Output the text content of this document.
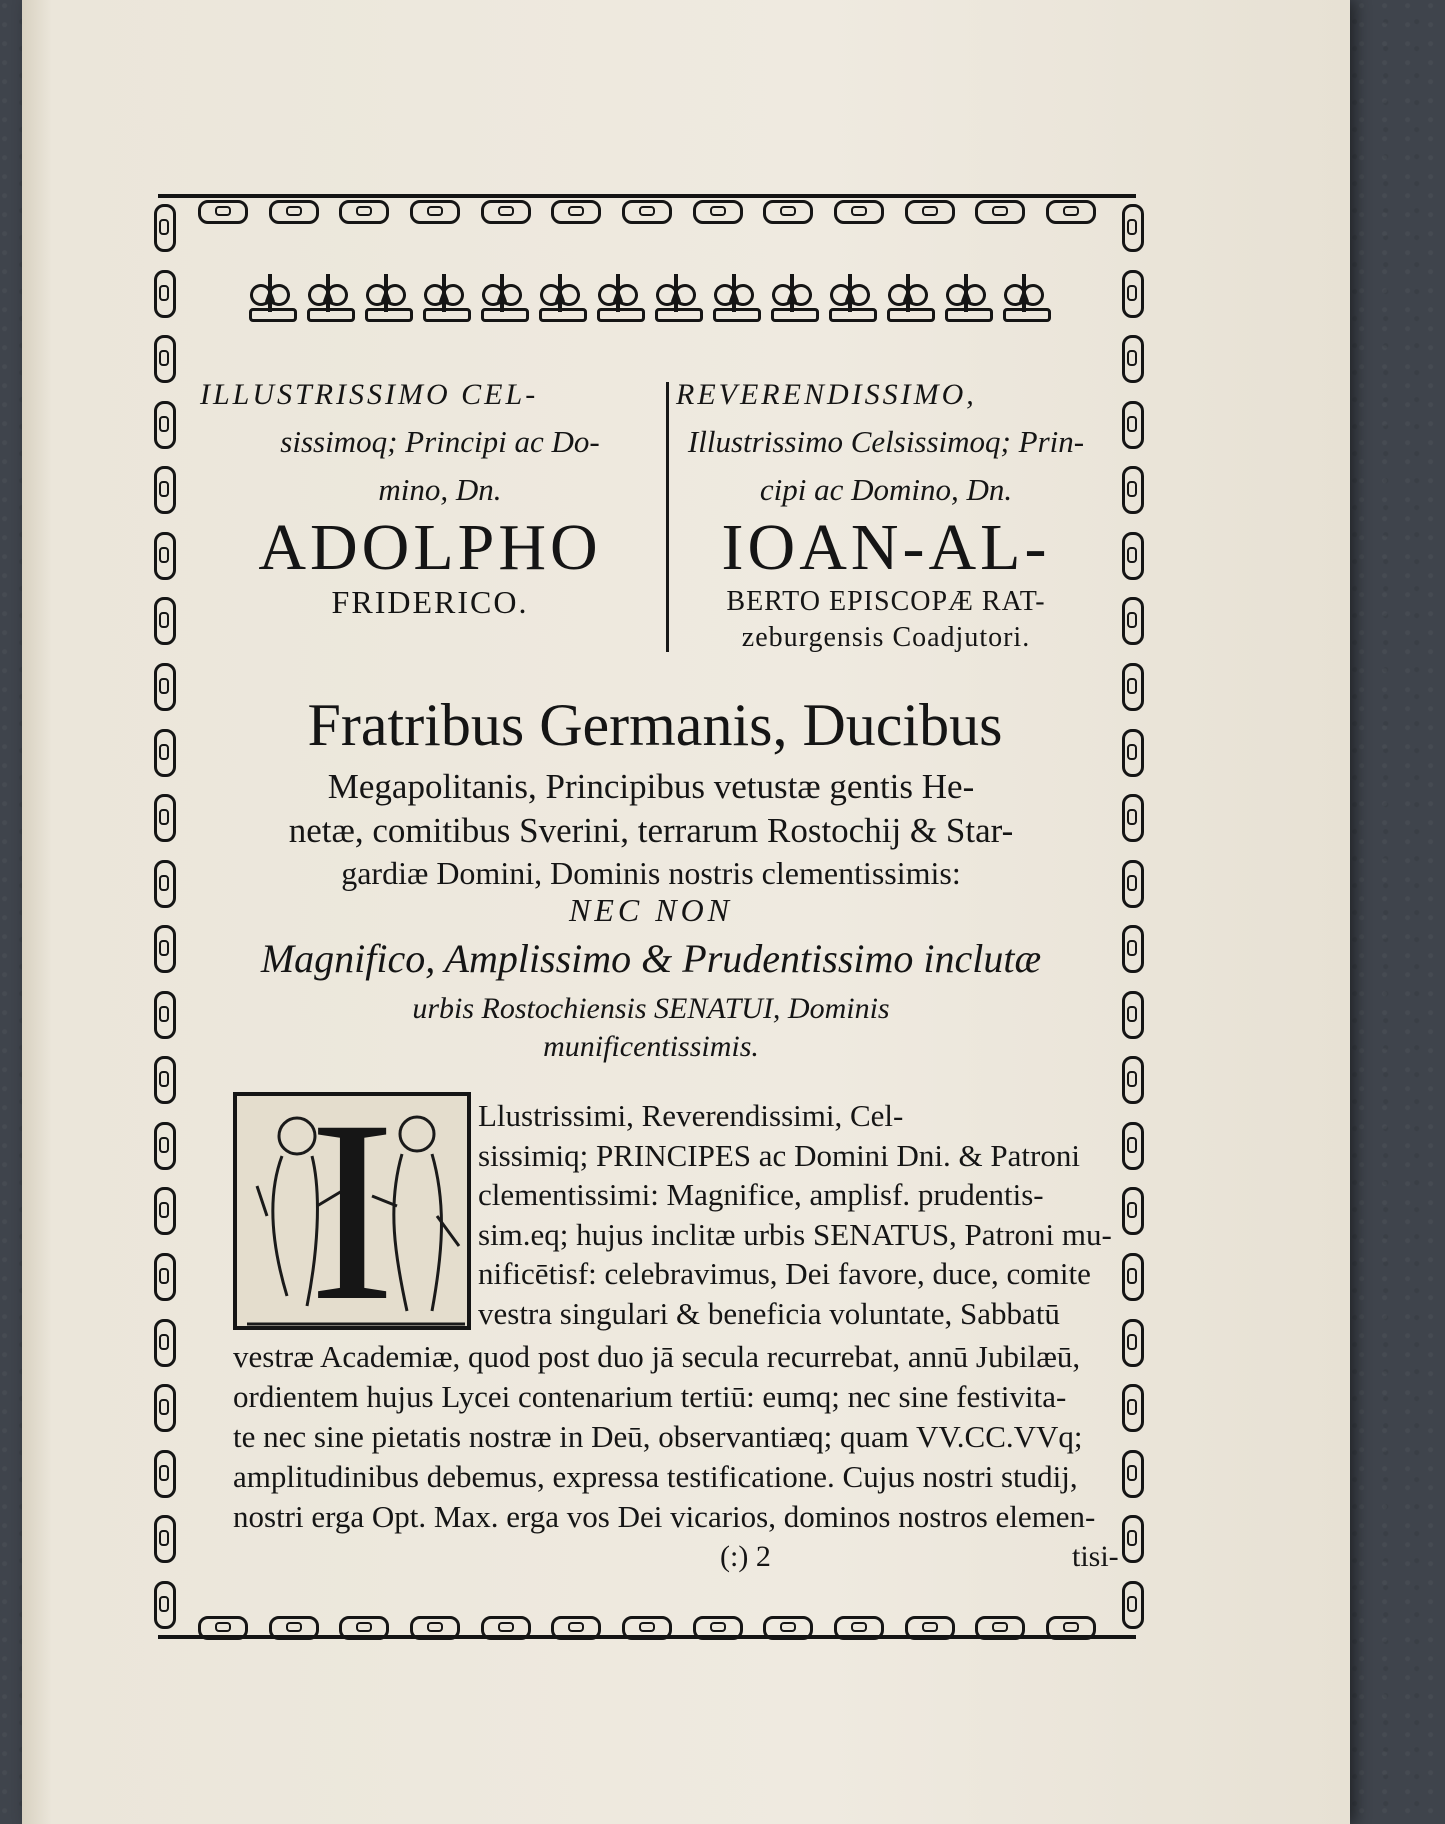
ILLUSTRISSIMO CEL-

sissimoq; Principi ac Do-
mino, Dn.

REVERENDISSIMO,

Illustrissimo Celsissimoq; Prin-
cipi ac Domino, Dn.
ADOLPHO
FRIDERICO.
IOAN-AL-
BERTO EPISCOPÆ RAT-
zeburgensis Coadjutori.
Fratribus Germanis, Ducibus
Megapolitanis, Principibus vetustæ gentis He-
netæ, comitibus Sverini, terrarum Rostochij & Star-
gardiæ Domini, Dominis nostris clementissimis:
NEC NON
Magnifico, Amplissimo & Prudentissimo inclutæ
urbis Rostochiensis SENATUI, Dominis
munificentissimis.
I	Llustrissimi, Reverendissimi, Cel-
sissimiq; PRINCIPES ac Domini Dni. & Patroni
clementissimi: Magnifice, amplisf. prudentis-
sim.eq; hujus inclitæ urbis SENATUS, Patroni mu-
nificētisf: celebravimus, Dei favore, duce, comite
vestra singulari & beneficia voluntate, Sabbatū
vestræ Academiæ, quod post duo jā secula recurrebat, annū Jubilæū,
ordientem hujus Lycei contenarium tertiū: eumq; nec sine festivita-
te nec sine pietatis nostræ in Deū, observantiæq; quam VV.CC.VVq;
amplitudinibus debemus, expressa testificatione. Cujus nostri studij,
nostri erga Opt. Max. erga vos Dei vicarios, dominos nostros elemen-
(:) 2	tisi-
